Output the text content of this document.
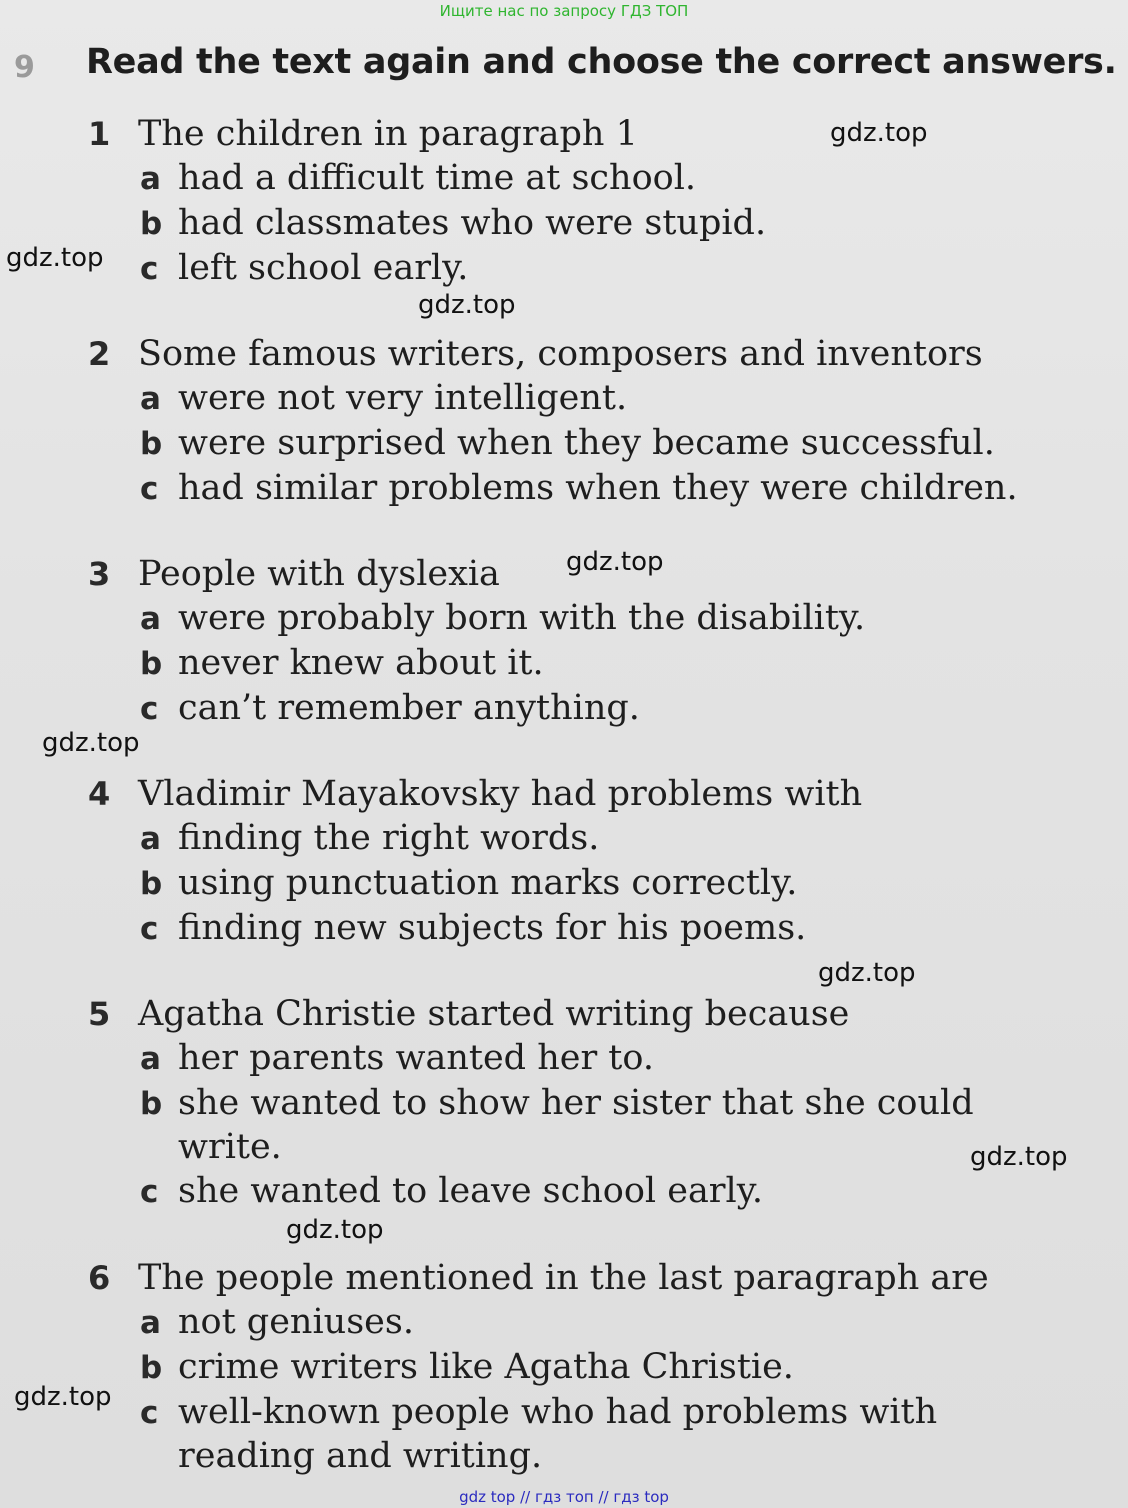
Ищите нас по запросу ГДЗ ТОП
9 Read the text again and choose the correct answers.
1 The children in paragraph 1
a had a difficult time at school.
b had classmates who were stupid.
c left school early.
2 Some famous writers, composers and inventors
a were not very intelligent.
b were surprised when they became successful.
c had similar problems when they were children.
3 People with dyslexia
a were probably born with the disability.
b never knew about it.
c can’t remember anything.
4 Vladimir Mayakovsky had problems with
a finding the right words.
b using punctuation marks correctly.
c finding new subjects for his poems.
5 Agatha Christie started writing because
a her parents wanted her to.
b she wanted to show her sister that she could
write.
c she wanted to leave school early.
6 The people mentioned in the last paragraph are
a not geniuses.
b crime writers like Agatha Christie.
c well-known people who had problems with
reading and writing.
gdz.top
gdz.top
gdz.top
gdz.top
gdz.top
gdz.top
gdz.top
gdz.top
gdz.top
gdz top // гдз топ // гдз top
